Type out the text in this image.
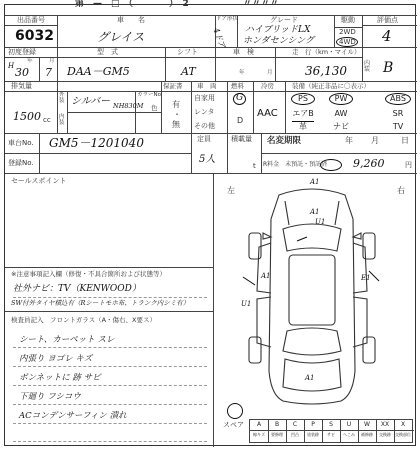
第　—　□　（　　　　）　2　　　　　　〃〃〃〃
出品番号
6032
車　　名
グレイス
ドア形状
4ドア
グレード
ハイブリッドLX
ホンダセンシング
駆動
2WD
4WD
評価点
4
初度登録
年	月
H 30 7
型　式
DAA－GM5
シフト
AT
車　検
年	月
走　行（km・マイル）
36,130
内装 B
排気量
1500 cc
外装 シルバー
カラーNo.
色
NH830M
内装
保証書
有
・
無
車　両
自家用
レンタ
その他
燃料
G
D
冷房
AAC
装備（純正非品に〇表示）
PS	PW	ABS
エアB	AW	SR
革	ナビ	TV
車台No. GM5－1201040
登録No.
定員
5人
積載量
t
名変期限	年 月	日
R料金　未預託・預託済 9,260	円
セールスポイント
※注意事項記入欄（修復・不具合箇所および状態等）
社外ナビ：TV（KENWOOD）
SW付外タイヤ積込有（Rシートモホ布、トランク内シミ有）
検査員記入　フロントガラス（A・傷右、X要ス）
シート、カーペット スレ
内張り ヨゴレ キズ
ボンネットに 跡 サビ
下廻り フシコウ
ACコンデンサーフィン 潰れ
左	右
A1
A1
U1
A1
U1
E1
A1
スペア	A	B	C	P	S	U	W	XX	X
線キズ	要修理	凹凸	塗装跡	サビ	へこみ	補修跡	交換跡	交換部位
